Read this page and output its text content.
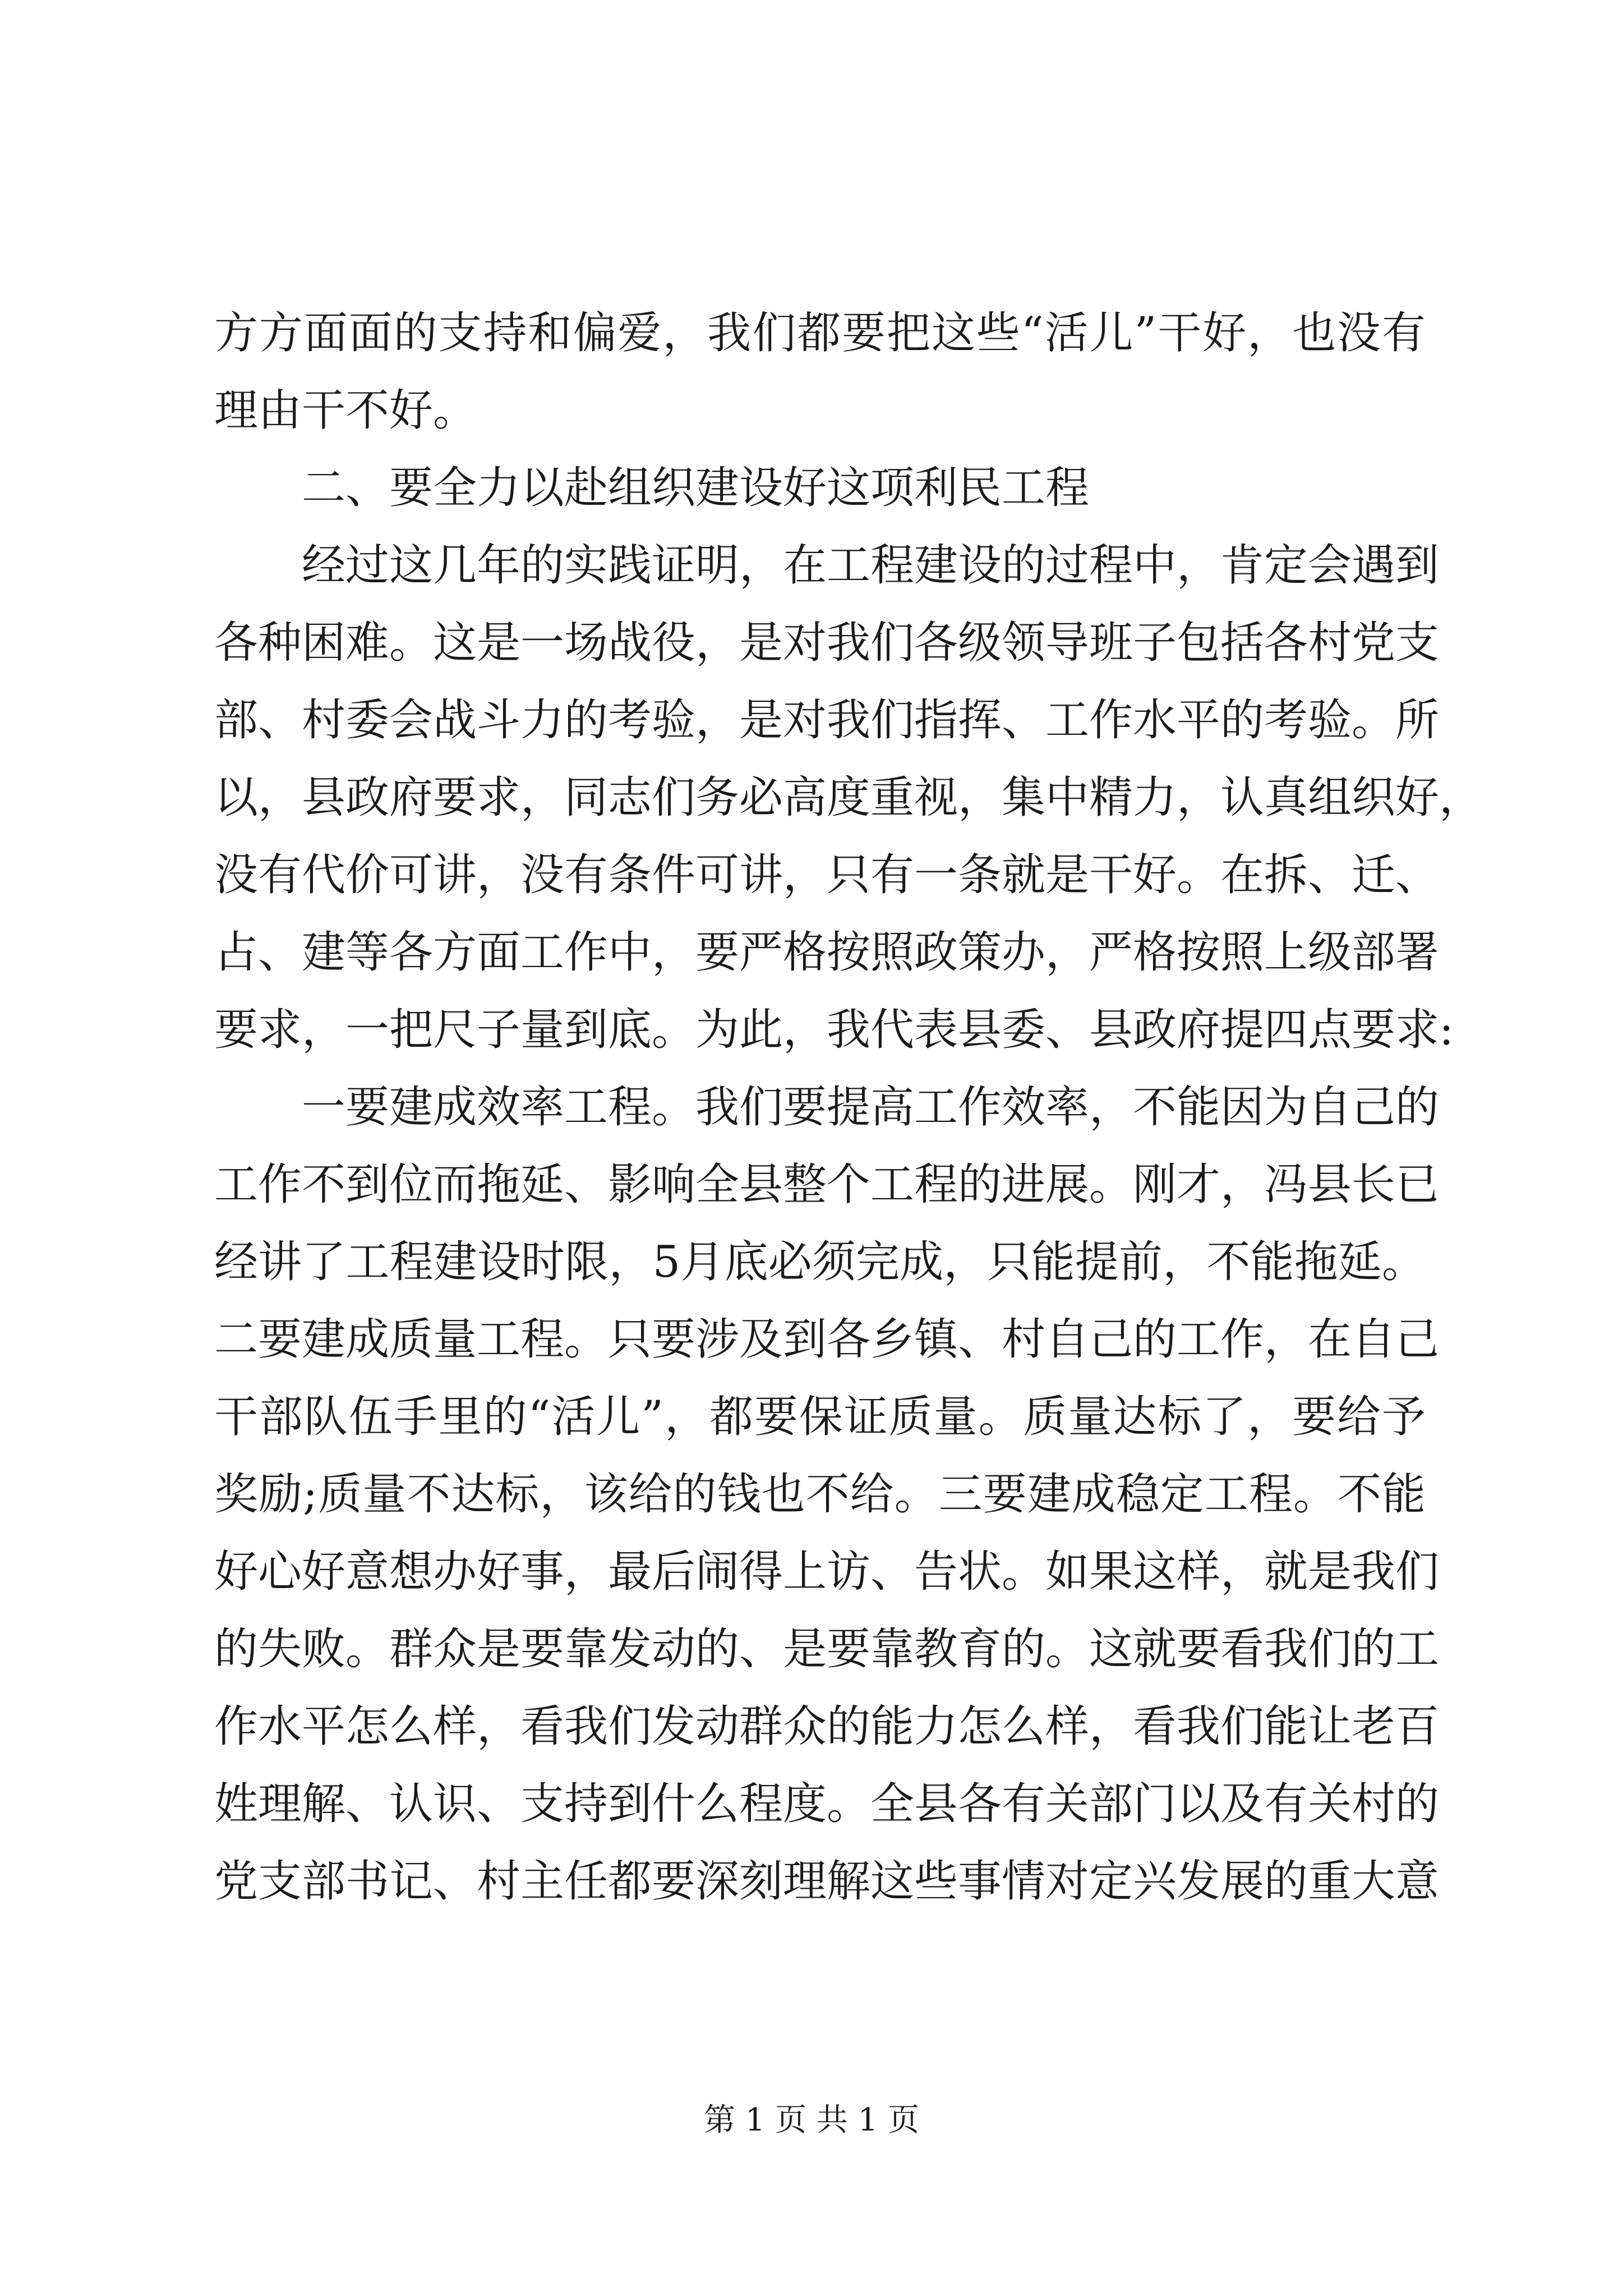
方方面面的支持和偏爱，我们都要把这些“活儿”干好，也没有
理由干不好。
二、要全力以赴组织建设好这项利民工程
经过这几年的实践证明，在工程建设的过程中，肯定会遇到
各种困难。这是一场战役，是对我们各级领导班子包括各村党支
部、村委会战斗力的考验，是对我们指挥、工作水平的考验。所
以，县政府要求，同志们务必高度重视，集中精力，认真组织好，
没有代价可讲，没有条件可讲，只有一条就是干好。在拆、迁、
占、建等各方面工作中，要严格按照政策办，严格按照上级部署
要求，一把尺子量到底。为此，我代表县委、县政府提四点要求:
一要建成效率工程。我们要提高工作效率，不能因为自己的
工作不到位而拖延、影响全县整个工程的进展。刚才，冯县长已
经讲了工程建设时限，5月底必须完成，只能提前，不能拖延。
二要建成质量工程。只要涉及到各乡镇、村自己的工作，在自己
干部队伍手里的“活儿”，都要保证质量。质量达标了，要给予
奖励;质量不达标，该给的钱也不给。三要建成稳定工程。不能
好心好意想办好事，最后闹得上访、告状。如果这样，就是我们
的失败。群众是要靠发动的、是要靠教育的。这就要看我们的工
作水平怎么样，看我们发动群众的能力怎么样，看我们能让老百
姓理解、认识、支持到什么程度。全县各有关部门以及有关村的
党支部书记、村主任都要深刻理解这些事情对定兴发展的重大意
第 1 页 共 1 页
